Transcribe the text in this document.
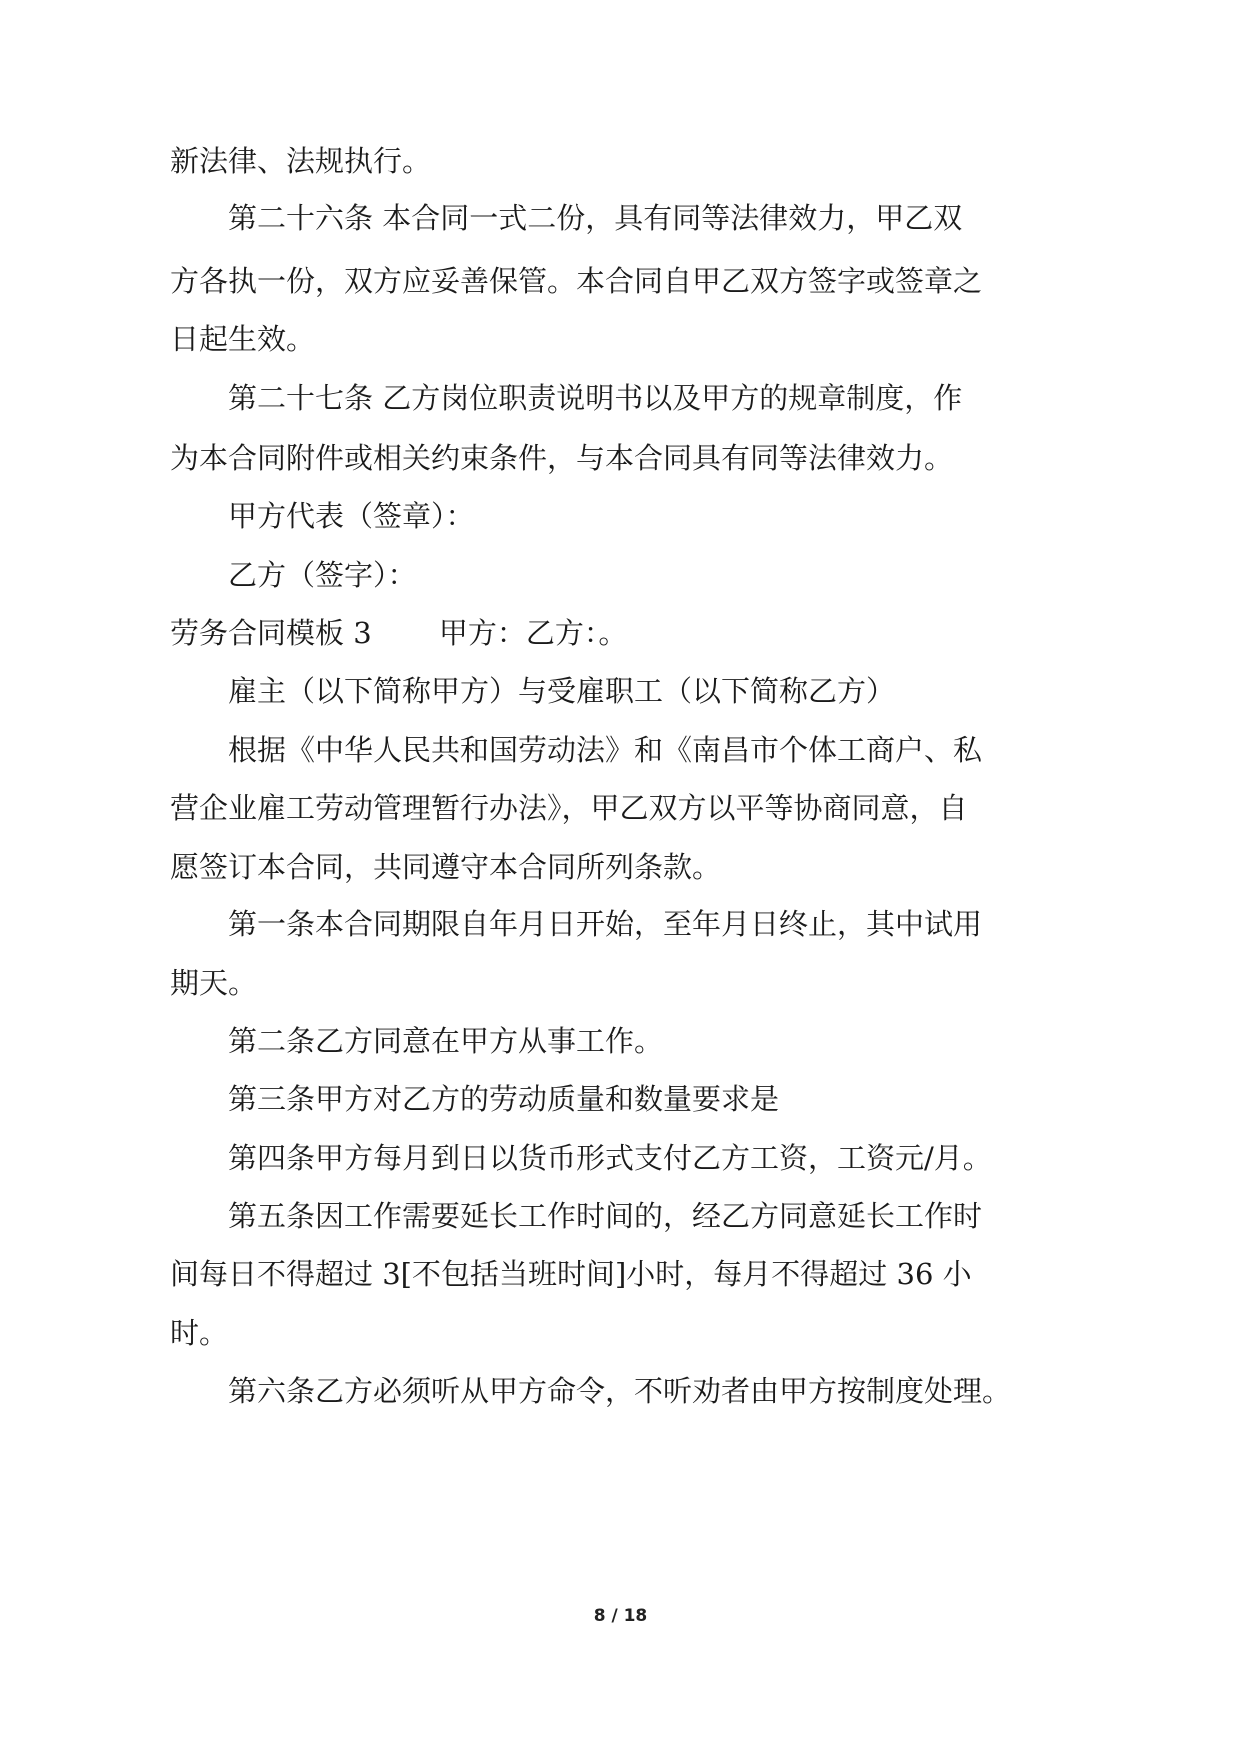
新法律、法规执行。

第二十六条 本合同一式二份，具有同等法律效力，甲乙双

方各执一份，双方应妥善保管。本合同自甲乙双方签字或签章之

日起生效。

第二十七条 乙方岗位职责说明书以及甲方的规章制度，作

为本合同附件或相关约束条件，与本合同具有同等法律效力。

甲方代表（签章）：

乙方（签字）：

劳务合同模板 3　　 甲方：乙方：。

雇主（以下简称甲方）与受雇职工（以下简称乙方）

根据《中华人民共和国劳动法》和《南昌市个体工商户、私

营企业雇工劳动管理暂行办法》，甲乙双方以平等协商同意，自

愿签订本合同，共同遵守本合同所列条款。

第一条本合同期限自年月日开始，至年月日终止，其中试用

期天。

第二条乙方同意在甲方从事工作。

第三条甲方对乙方的劳动质量和数量要求是

第四条甲方每月到日以货币形式支付乙方工资，工资元/月。

第五条因工作需要延长工作时间的，经乙方同意延长工作时

间每日不得超过 3[不包括当班时间]小时，每月不得超过 36 小

时。

第六条乙方必须听从甲方命令，不听劝者由甲方按制度处理。

8 / 18
